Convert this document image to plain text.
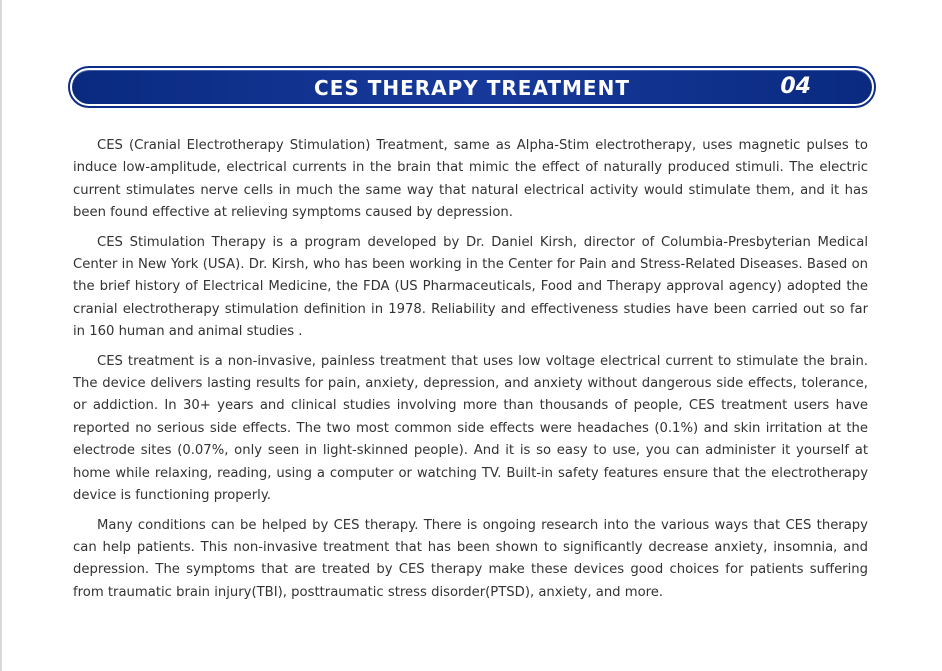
CES THERAPY TREATMENT	04

CES (Cranial Electrotherapy Stimulation) Treatment, same as Alpha-Stim electrotherapy, uses magnetic pulses to induce low-amplitude, electrical currents in the brain that mimic the effect of naturally produced stimuli. The electric current stimulates nerve cells in much the same way that natural electrical activity would stimulate them, and it has been found effective at relieving symptoms caused by depression.

CES Stimulation Therapy is a program developed by Dr. Daniel Kirsh, director of Columbia-Presbyterian Medical Center in New York (USA). Dr. Kirsh, who has been working in the Center for Pain and Stress-Related Diseases. Based on the brief history of Electrical Medicine, the FDA (US Pharmaceuticals, Food and Therapy approval agency) adopted the cranial electrotherapy stimulation definition in 1978. Reliability and effectiveness studies have been carried out so far in 160 human and animal studies .

CES treatment is a non-invasive, painless treatment that uses low voltage electrical current to stimulate the brain. The device delivers lasting results for pain, anxiety, depression, and anxiety without dangerous side effects, tolerance, or addiction. In 30+ years and clinical studies involving more than thousands of people, CES treatment users have reported no serious side effects. The two most common side effects were headaches (0.1%) and skin irritation at the electrode sites (0.07%, only seen in light-skinned people). And it is so easy to use, you can administer it yourself at home while relaxing, reading, using a computer or watching TV. Built-in safety features ensure that the electrotherapy device is functioning properly.

Many conditions can be helped by CES therapy. There is ongoing research into the various ways that CES therapy can help patients. This non-invasive treatment that has been shown to significantly decrease anxiety, insomnia, and depression. The symptoms that are treated by CES therapy make these devices good choices for patients suffering from traumatic brain injury(TBI), posttraumatic stress disorder(PTSD), anxiety, and more.
